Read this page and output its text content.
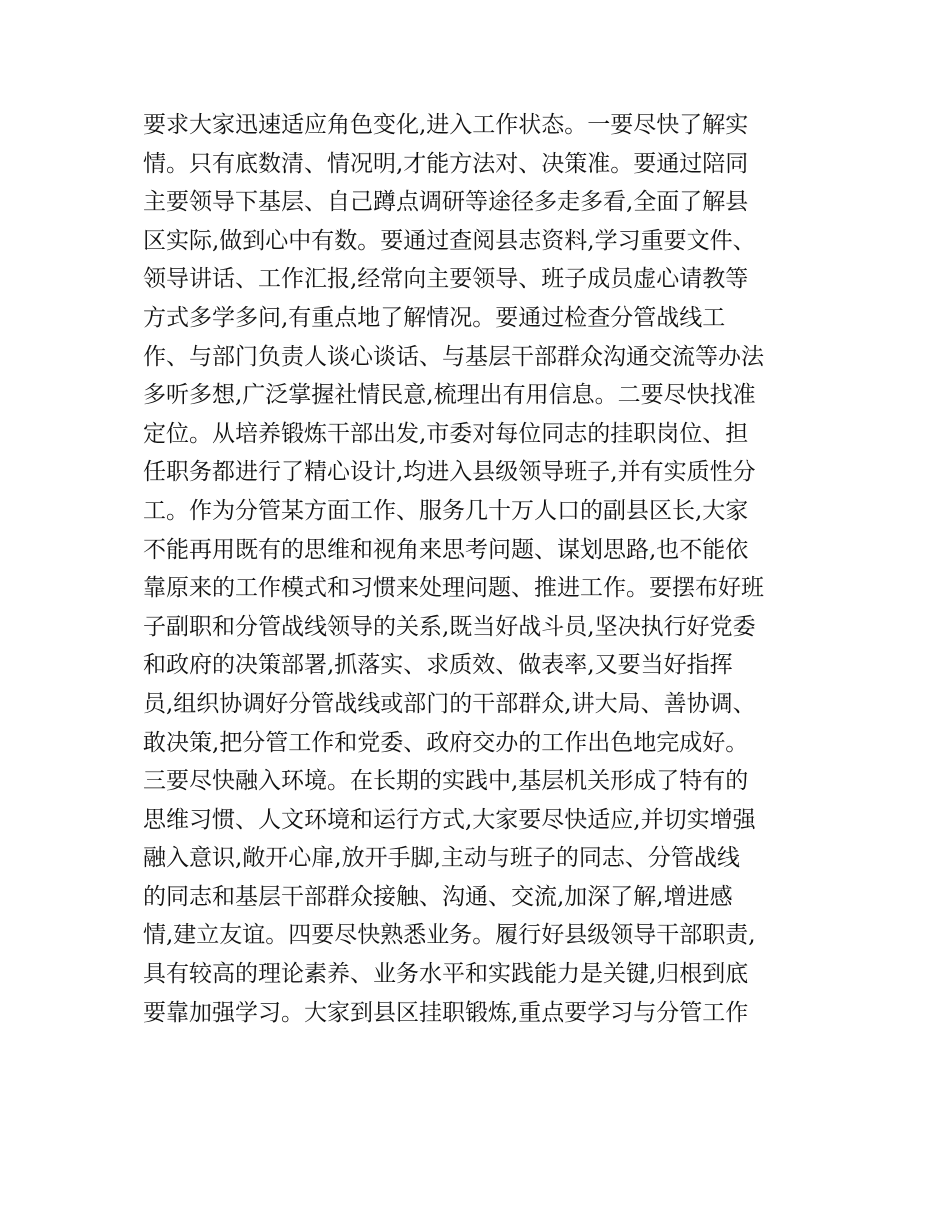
要求大家迅速适应角色变化,进入工作状态。一要尽快了解实
情。只有底数清、情况明,才能方法对、决策准。要通过陪同
主要领导下基层、自己蹲点调研等途径多走多看,全面了解县
区实际,做到心中有数。要通过查阅县志资料,学习重要文件、
领导讲话、工作汇报,经常向主要领导、班子成员虚心请教等
方式多学多问,有重点地了解情况。要通过检查分管战线工
作、与部门负责人谈心谈话、与基层干部群众沟通交流等办法
多听多想,广泛掌握社情民意,梳理出有用信息。二要尽快找准
定位。从培养锻炼干部出发,市委对每位同志的挂职岗位、担
任职务都进行了精心设计,均进入县级领导班子,并有实质性分
工。作为分管某方面工作、服务几十万人口的副县区长,大家
不能再用既有的思维和视角来思考问题、谋划思路,也不能依
靠原来的工作模式和习惯来处理问题、推进工作。要摆布好班
子副职和分管战线领导的关系,既当好战斗员,坚决执行好党委
和政府的决策部署,抓落实、求质效、做表率,又要当好指挥
员,组织协调好分管战线或部门的干部群众,讲大局、善协调、
敢决策,把分管工作和党委、政府交办的工作出色地完成好。
三要尽快融入环境。在长期的实践中,基层机关形成了特有的
思维习惯、人文环境和运行方式,大家要尽快适应,并切实增强
融入意识,敞开心扉,放开手脚,主动与班子的同志、分管战线
的同志和基层干部群众接触、沟通、交流,加深了解,增进感
情,建立友谊。四要尽快熟悉业务。履行好县级领导干部职责,
具有较高的理论素养、业务水平和实践能力是关键,归根到底
要靠加强学习。大家到县区挂职锻炼,重点要学习与分管工作
